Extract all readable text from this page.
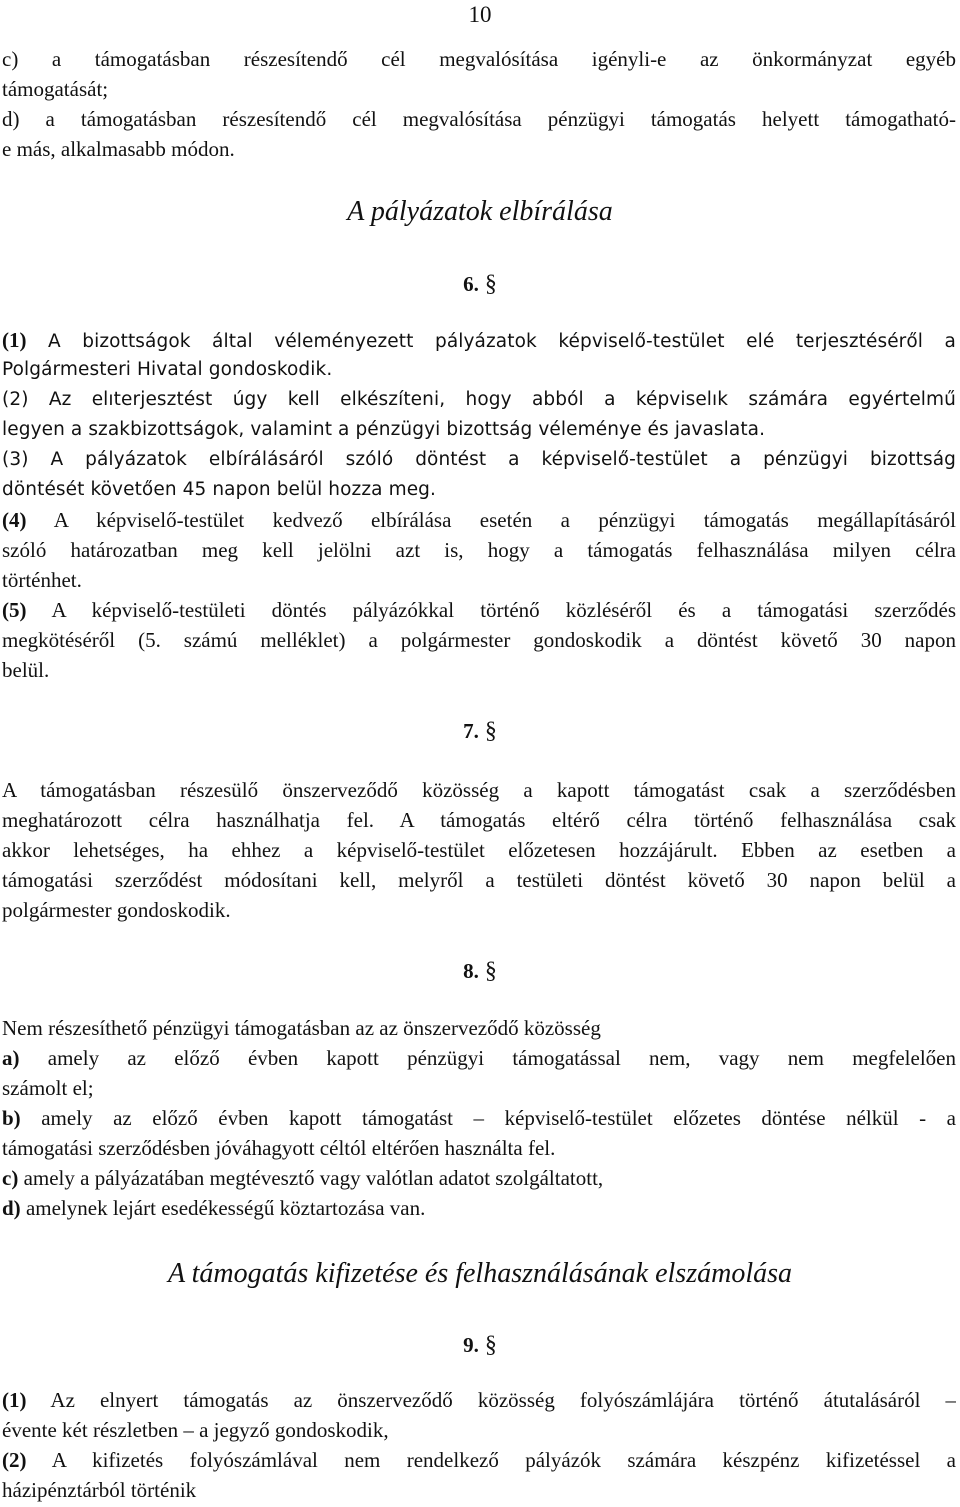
10
c) a támogatásban részesítendő cél megvalósítása igényli-e az önkormányzat egyéb
támogatását;
d) a támogatásban részesítendő cél megvalósítása pénzügyi támogatás helyett támogatható-
e más, alkalmasabb módon.
A pályázatok elbírálása
6. §
(1) A bizottságok által véleményezett pályázatok képviselő-testület elé terjesztéséről a
Polgármesteri Hivatal gondoskodik.
(2) Az elıterjesztést úgy kell elkészíteni, hogy abból a képviselık számára egyértelmű
legyen a szakbizottságok, valamint a pénzügyi bizottság véleménye és javaslata.
(3) A pályázatok elbírálásáról szóló döntést a képviselő-testület a pénzügyi bizottság
döntését követően 45 napon belül hozza meg.
(4) A képviselő-testület kedvező elbírálása esetén a pénzügyi támogatás megállapításáról
szóló határozatban meg kell jelölni azt is, hogy a támogatás felhasználása milyen célra
történhet.
(5) A képviselő-testületi döntés pályázókkal történő közléséről és a támogatási szerződés
megkötéséről (5. számú melléklet) a polgármester gondoskodik a döntést követő 30 napon
belül.
7. §
A támogatásban részesülő önszerveződő közösség a kapott támogatást csak a szerződésben
meghatározott célra használhatja fel. A támogatás eltérő célra történő felhasználása csak
akkor lehetséges, ha ehhez a képviselő-testület előzetesen hozzájárult. Ebben az esetben a
támogatási szerződést módosítani kell, melyről a testületi döntést követő 30 napon belül a
polgármester gondoskodik.
8. §
Nem részesíthető pénzügyi támogatásban az az önszerveződő közösség
a) amely az előző évben kapott pénzügyi támogatással nem, vagy nem megfelelően
számolt el;
b) amely az előző évben kapott támogatást – képviselő-testület előzetes döntése nélkül - a
támogatási szerződésben jóváhagyott céltól eltérően használta fel.
c) amely a pályázatában megtévesztő vagy valótlan adatot szolgáltatott,
d) amelynek lejárt esedékességű köztartozása van.
A támogatás kifizetése és felhasználásának elszámolása
9. §
(1) Az elnyert támogatás az önszerveződő közösség folyószámlájára történő átutalásáról –
évente két részletben – a jegyző gondoskodik,
(2) A kifizetés folyószámlával nem rendelkező pályázók számára készpénz kifizetéssel a
házipénztárból történik
